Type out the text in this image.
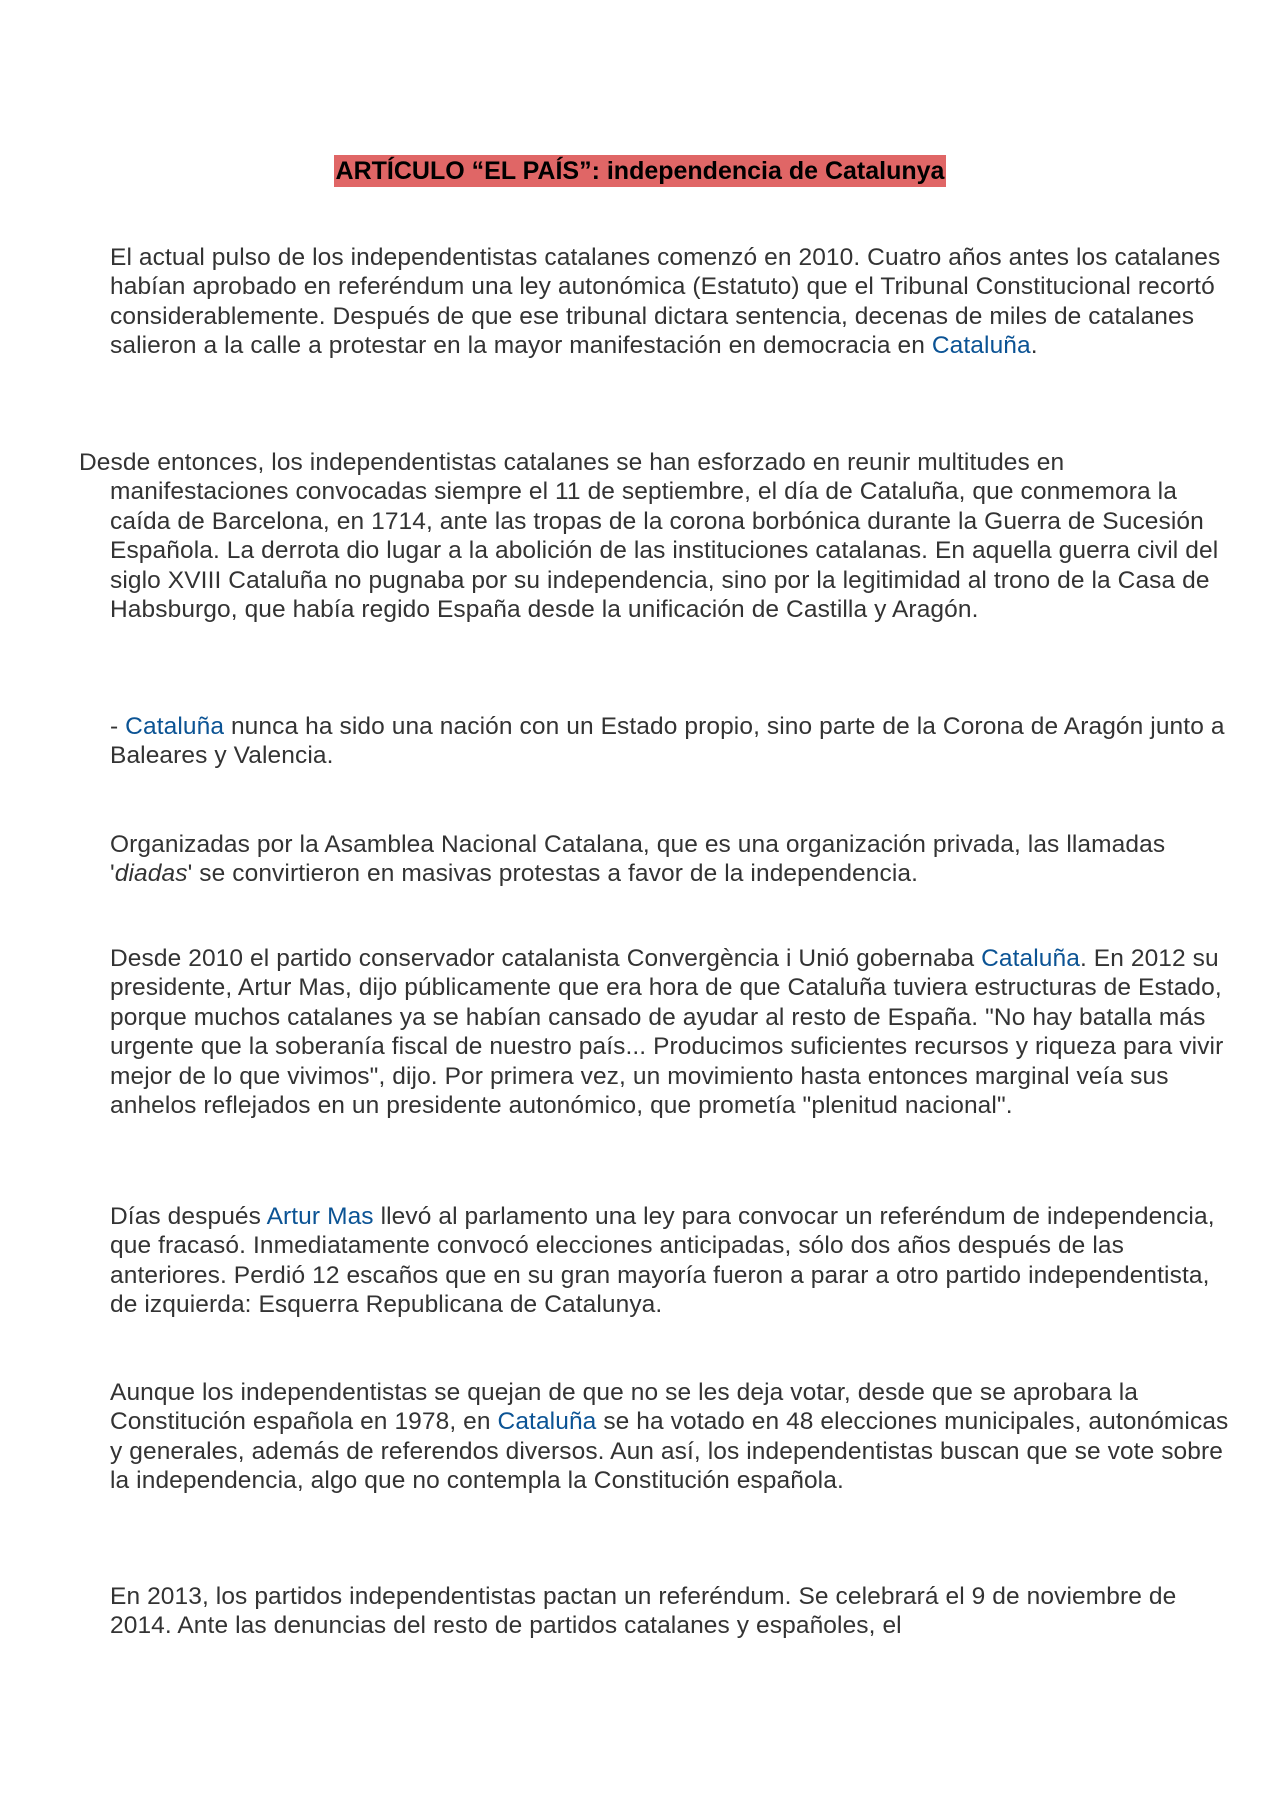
ARTÍCULO “EL PAÍS”: independencia de Catalunya

El actual pulso de los independentistas catalanes comenzó en 2010. Cuatro años antes los catalanes habían aprobado en referéndum una ley autonómica (Estatuto) que el Tribunal Constitucional recortó considerablemente. Después de que ese tribunal dictara sentencia, decenas de miles de catalanes salieron a la calle a protestar en la mayor manifestación en democracia en Cataluña.

Desde entonces, los independentistas catalanes se han esforzado en reunir multitudes en manifestaciones convocadas siempre el 11 de septiembre, el día de Cataluña, que conmemora la caída de Barcelona, en 1714, ante las tropas de la corona borbónica durante la Guerra de Sucesión Española. La derrota dio lugar a la abolición de las instituciones catalanas. En aquella guerra civil del siglo XVIII Cataluña no pugnaba por su independencia, sino por la legitimidad al trono de la Casa de Habsburgo, que había regido España desde la unificación de Castilla y Aragón.

- Cataluña nunca ha sido una nación con un Estado propio, sino parte de la Corona de Aragón junto a Baleares y Valencia.

Organizadas por la Asamblea Nacional Catalana, que es una organización privada, las llamadas 'diadas' se convirtieron en masivas protestas a favor de la independencia.

Desde 2010 el partido conservador catalanista Convergència i Unió gobernaba Cataluña. En 2012 su presidente, Artur Mas, dijo públicamente que era hora de que Cataluña tuviera estructuras de Estado, porque muchos catalanes ya se habían cansado de ayudar al resto de España. "No hay batalla más urgente que la soberanía fiscal de nuestro país... Producimos suficientes recursos y riqueza para vivir mejor de lo que vivimos", dijo. Por primera vez, un movimiento hasta entonces marginal veía sus anhelos reflejados en un presidente autonómico, que prometía "plenitud nacional".

Días después Artur Mas llevó al parlamento una ley para convocar un referéndum de independencia, que fracasó. Inmediatamente convocó elecciones anticipadas, sólo dos años después de las anteriores. Perdió 12 escaños que en su gran mayoría fueron a parar a otro partido independentista, de izquierda: Esquerra Republicana de Catalunya.

Aunque los independentistas se quejan de que no se les deja votar, desde que se aprobara la Constitución española en 1978, en Cataluña se ha votado en 48 elecciones municipales, autonómicas y generales, además de referendos diversos. Aun así, los independentistas buscan que se vote sobre la independencia, algo que no contempla la Constitución española.

En 2013, los partidos independentistas pactan un referéndum. Se celebrará el 9 de noviembre de 2014. Ante las denuncias del resto de partidos catalanes y españoles, el
